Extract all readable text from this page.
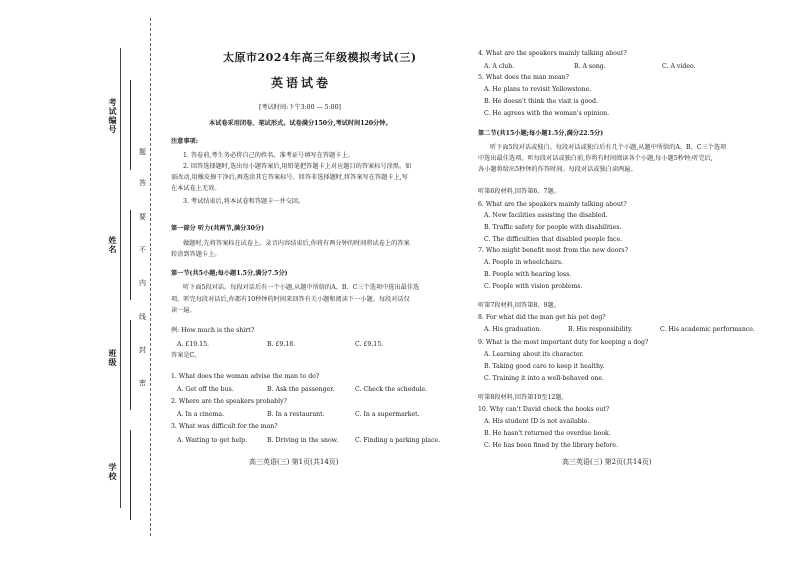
考试编号
姓名
班级
学校
题
答
要
不
内
线
封
密
太原市2024年高三年级模拟考试(三)
英语试卷
[考试时间:下午3:00 — 5:00]
本试卷采用闭卷、笔试形式。试卷满分150分,考试时间120分钟。
注意事项:
1. 答卷前,考生务必将自己的姓名、准考证号填写在答题卡上。
2. 回答选择题时,选出每小题答案后,用铅笔把答题卡上对应题目的答案标号涂黑。如
需改动,用橡皮擦干净后,再选涂其它答案标号。回答非选择题时,将答案写在答题卡上,写
在本试卷上无效。
3. 考试结束后,将本试卷和答题卡一并交回。
第一部分 听力(共两节,满分30分)
做题时,先将答案标在试卷上。录音内容结束后,你将有两分钟的时间将试卷上的答案
转涂到答题卡上。
第一节(共5小题;每小题1.5分,满分7.5分)
听下面5段对话。每段对话后有一个小题,从题中所给的A、B、C三个选项中选出最佳选
项。听完每段对话后,你都有10秒钟的时间来回答有关小题和阅读下一小题。每段对话仅
读一遍。
例: How much is the shirt?
A. £19.15.	B. £9.18.	C. £9.15.
答案是C。
1. What does the woman advise the man to do?
A. Get off the bus.	B. Ask the passenger.	C. Check the schedule.
2. Where are the speakers probably?
A. In a cinema.	B. In a restaurant.	C. In a supermarket.
3. What was difficult for the man?
A. Waiting to get help.	B. Driving in the snow.	C. Finding a parking place.
高三英语(三) 第1页(共14页)
4. What are the speakers mainly talking about?
A. A club.	B. A song.	C. A video.
5. What does the man mean?
A. He plans to revisit Yellowstone.
B. He doesn't think the visit is good.
C. He agrees with the woman's opinion.
第二节(共15小题;每小题1.5分,满分22.5分)
听下面5段对话或独白。每段对话或独白后有几个小题,从题中所给的A、B、C三个选项
中选出最佳选项。听每段对话或独白前,你将有时间阅读各个小题,每小题5秒钟;听完后,
各小题将给出5秒钟的作答时间。每段对话或独白读两遍。
听第6段材料,回答第6、7题。
6. What are the speakers mainly talking about?
A. New facilities assisting the disabled.
B. Traffic safety for people with disabilities.
C. The difficulties that disabled people face.
7. Who might benefit most from the new doors?
A. People in wheelchairs.
B. People with hearing loss.
C. People with vision problems.
听第7段材料,回答第8、9题。
8. For what did the man get his pet dog?
A. His graduation.	B. His responsibility.	C. His academic performance.
9. What is the most important duty for keeping a dog?
A. Learning about its character.
B. Taking good care to keep it healthy.
C. Training it into a well-behaved one.
听第8段材料,回答第10至12题。
10. Why can't David check the books out?
A. His student ID is not available.
B. He hasn't returned the overdue book.
C. He has been fined by the library before.
高三英语(三) 第2页(共14页)
